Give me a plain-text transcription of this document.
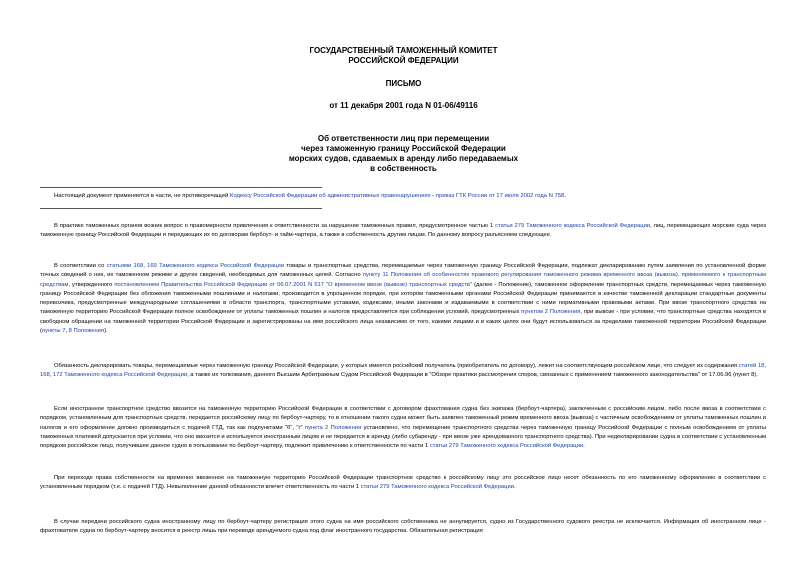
ГОСУДАРСТВЕННЫЙ ТАМОЖЕННЫЙ КОМИТЕТ
РОССИЙСКОЙ ФЕДЕРАЦИИ
ПИСЬМО
от 11 декабря 2001 года N 01-06/49116
Об ответственности лиц при перемещении
через таможенную границу Российской Федерации
морских судов, сдаваемых в аренду либо передаваемых
в собственность
Настоящий документ применяется в части, не противоречащей Кодексу Российской Федерации об административных правонарушениях - приказ ГТК России от 17 июля 2002 года N 758.

В практике таможенных органов возник вопрос о правомерности привлечения к ответственности за нарушение таможенных правил, предусмотренное частью 1 статьи 279 Таможенного кодекса Российской Федерации, лиц, перемещающих морские суда через таможенную границу Российской Федерации и передающих их по договорам бербоут- и тайм-чартера, а также в собственность другим лицам. По данному вопросу разъясняем следующее.

В соответствии со статьями 168, 169 Таможенного кодекса Российской Федерации товары и транспортные средства, перемещаемые через таможенную границу Российской Федерации, подлежат декларированию путем заявления по установленной форме точных сведений о них, их таможенном режиме и других сведений, необходимых для таможенных целей. Согласно пункту 11 Положения об особенностях правового регулирования таможенного режима временного ввоза (вывоза), применяемого к транспортным средствам, утвержденного постановлением Правительства Российской Федерации от 06.07.2001 N 517 "О временном ввозе (вывозе) транспортных средств" (далее - Положение), таможенное оформление транспортных средств, перемещаемых через таможенную границу Российской Федерации без обложения таможенными пошлинами и налогами, производится в упрощенном порядке, при котором таможенными органами Российской Федерации принимаются в качестве таможенной декларации стандартные документы перевозчика, предусмотренные международными соглашениями в области транспорта, транспортными уставами, кодексами, иными законами и издаваемыми в соответствии с ними нормативными правовыми актами. При ввозе транспортного средства на таможенную территорию Российской Федерации полное освобождение от уплаты таможенных пошлин и налогов предоставляется при соблюдении условий, предусмотренных пунктом 2 Положения, при вывозе - при условии, что транспортные средства находятся в свободном обращении на таможенной территории Российской Федерации и зарегистрированы на имя российского лица независимо от того, какими лицами и в каких целях они будут использоваться за пределами таможенной территории Российской Федерации (пункты 7, 8 Положения).

Обязанность декларировать товары, перемещаемые через таможенную границу Российской Федерации, у которых имеется российский получатель (приобретатель по договору), лежит на соответствующем российском лице, что следует из содержания статей 18, 168, 172 Таможенного кодекса Российской Федерации, а также их толкования, данного Высшим Арбитражным Судом Российской Федерации в "Обзоре практики рассмотрения споров, связанных с применением таможенного законодательства" от 17.06.96 (пункт 8).

Если иностранное транспортное средство ввозится на таможенную территорию Российской Федерации в соответствии с договором фрахтования судна без экипажа (бербоут-чартера), заключенным с российским лицом, либо после ввоза в соответствии с порядком, установленным для транспортных средств, передается российскому лицу по бербоут-чартеру, то в отношении такого судна может быть заявлен таможенный режим временного ввоза (вывоза) с частичным освобождением от уплаты таможенных пошлин и налогов и его оформление должно производиться с подачей ГТД, так как подпунктами "б", "г" пункта 2 Положения установлено, что перемещение транспортного средства через таможенную границу Российской Федерации с полным освобождением от уплаты таможенных платежей допускается при условии, что оно ввозится и используется иностранным лицом и не передается в аренду (либо субаренду - при ввозе уже арендованного транспортного средства). При недекларировании судна в соответствии с установленным порядком российское лицо, получившее данное судно в пользование по бербоут-чартеру, подлежит привлечению к ответственности по части 1 статьи 279 Таможенного кодекса Российской Федерации.

При переходе права собственности на временно ввезенное на таможенную территорию Российской Федерации транспортное средство к российскому лицу это российское лицо несет обязанность по его таможенному оформлению в соответствии с установленным порядком (т.е. с подачей ГТД). Невыполнение данной обязанности влечет ответственность по части 1 статьи 279 Таможенного кодекса Российской Федерации.

В случае передачи российского судна иностранному лицу по бербоут-чартеру регистрация этого судна на имя российского собственника не аннулируется, судно из Государственного судового реестра не исключается. Информация об иностранном лице - фрахтователе судна по бербоут-чартеру вносится в реестр лишь при переводе арендуемого судна под флаг иностранного государства. Обязательная регистрация
